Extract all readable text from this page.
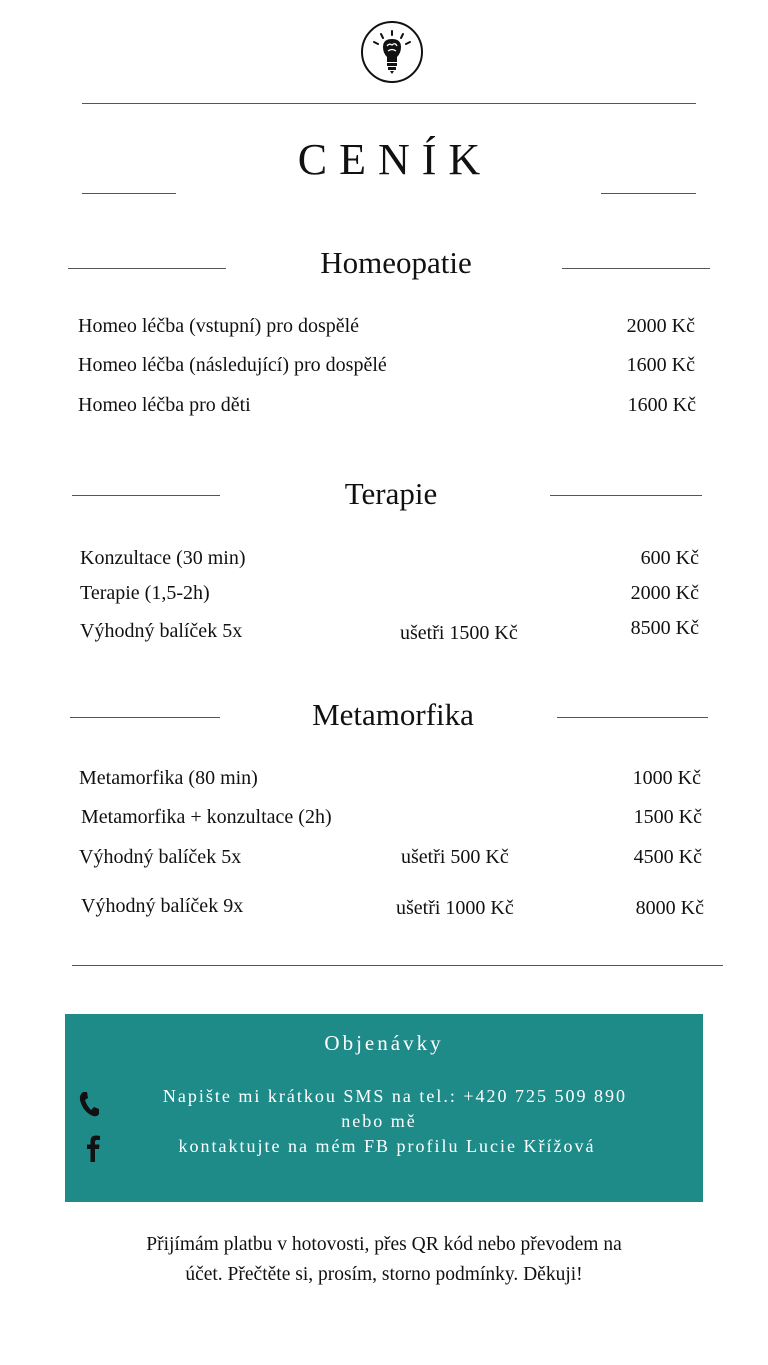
CENÍK
Homeopatie
Homeo léčba (vstupní) pro dospělé	2000 Kč
Homeo léčba (následující) pro dospělé	1600 Kč
Homeo léčba pro děti	1600 Kč
Terapie
Konzultace (30 min)	600 Kč
Terapie (1,5-2h)	2000 Kč
Výhodný balíček 5x	ušetři 1500 Kč	8500 Kč
Metamorfika
Metamorfika (80 min)	1000 Kč
Metamorfika + konzultace (2h)	1500 Kč
Výhodný balíček 5x	ušetři 500 Kč	4500 Kč
Výhodný balíček 9x	ušetři 1000 Kč	8000 Kč
Objenávky
Napište mi krátkou SMS na tel.: +420 725 509 890
nebo mě
kontaktujte na mém FB profilu Lucie Křížová
Přijímám platbu v hotovosti, přes QR kód nebo převodem na
účet. Přečtěte si, prosím, storno podmínky. Děkuji!
